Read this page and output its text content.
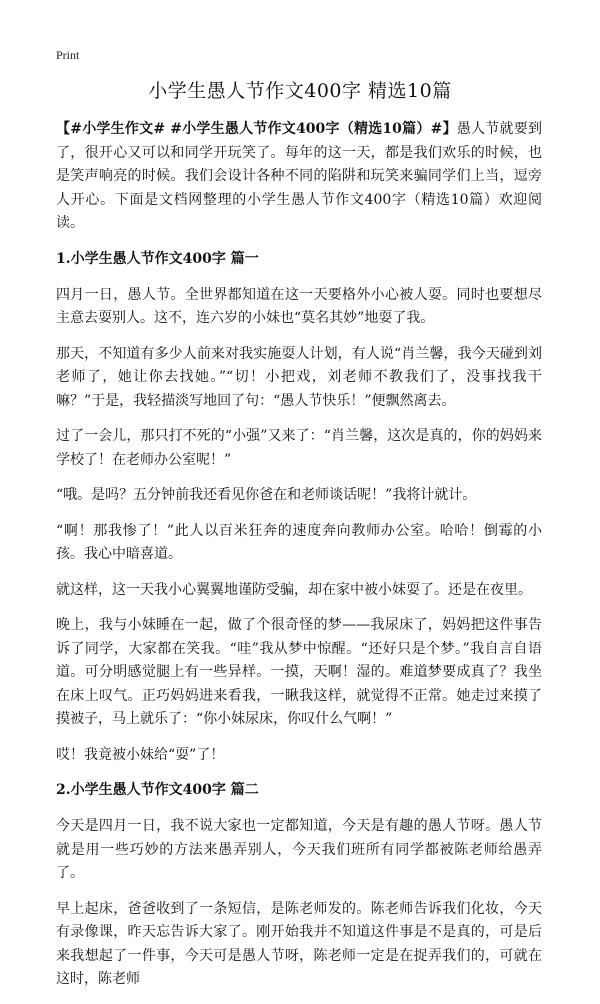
Print
小学生愚人节作文400字 精选10篇

【#小学生作文# #小学生愚人节作文400字（精选10篇）#】愚人节就要到了，很开心又可以和同学开玩笑了。每年的这一天，都是我们欢乐的时候，也是笑声响亮的时候。我们会设计各种不同的陷阱和玩笑来骗同学们上当，逗旁人开心。下面是文档网整理的小学生愚人节作文400字（精选10篇）欢迎阅读。

1.小学生愚人节作文400字 篇一

四月一日，愚人节。全世界都知道在这一天要格外小心被人耍。同时也要想尽主意去耍别人。这不，连六岁的小妹也“莫名其妙”地耍了我。

那天，不知道有多少人前来对我实施耍人计划，有人说“肖兰馨，我今天碰到刘老师了，她让你去找她。”“切！小把戏，刘老师不教我们了，没事找我干嘛？”于是，我轻描淡写地回了句：“愚人节快乐！”便飘然离去。

过了一会儿，那只打不死的“小强”又来了：“肖兰馨，这次是真的，你的妈妈来学校了！在老师办公室呢！”

“哦。是吗？五分钟前我还看见你爸在和老师谈话呢！”我将计就计。

“啊！那我惨了！”此人以百米狂奔的速度奔向教师办公室。哈哈！倒霉的小孩。我心中暗喜道。

就这样，这一天我小心翼翼地谨防受骗，却在家中被小妹耍了。还是在夜里。

晚上，我与小妹睡在一起，做了个很奇怪的梦——我尿床了，妈妈把这件事告诉了同学，大家都在笑我。“哇”我从梦中惊醒。“还好只是个梦。”我自言自语道。可分明感觉腿上有一些异样。一摸，天啊！湿的。难道梦要成真了？我坐在床上叹气。正巧妈妈进来看我，一瞅我这样，就觉得不正常。她走过来摸了摸被子，马上就乐了：“你小妹尿床，你叹什么气啊！”

哎！我竟被小妹给“耍”了！

2.小学生愚人节作文400字 篇二

今天是四月一日，我不说大家也一定都知道，今天是有趣的愚人节呀。愚人节就是用一些巧妙的方法来愚弄别人，今天我们班所有同学都被陈老师给愚弄了。

早上起床，爸爸收到了一条短信，是陈老师发的。陈老师告诉我们化妆，今天有录像课，昨天忘告诉大家了。刚开始我并不知道这件事是不是真的，可是后来我想起了一件事，今天可是愚人节呀，陈老师一定是在捉弄我们的，可就在这时，陈老师
